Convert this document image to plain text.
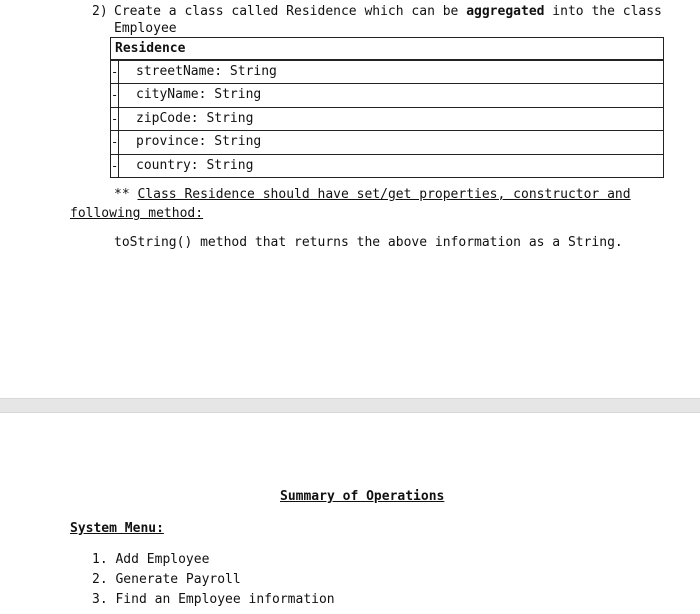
2) Create a class called Residence which can be aggregated into the class
Employee
Residence
- streetName: String
- cityName: String
- zipCode: String
- province: String
- country: String
** Class Residence should have set/get properties, constructor and
following method:
toString() method that returns the above information as a String.
Summary of Operations
System Menu:
1. Add Employee
2. Generate Payroll
3. Find an Employee information
